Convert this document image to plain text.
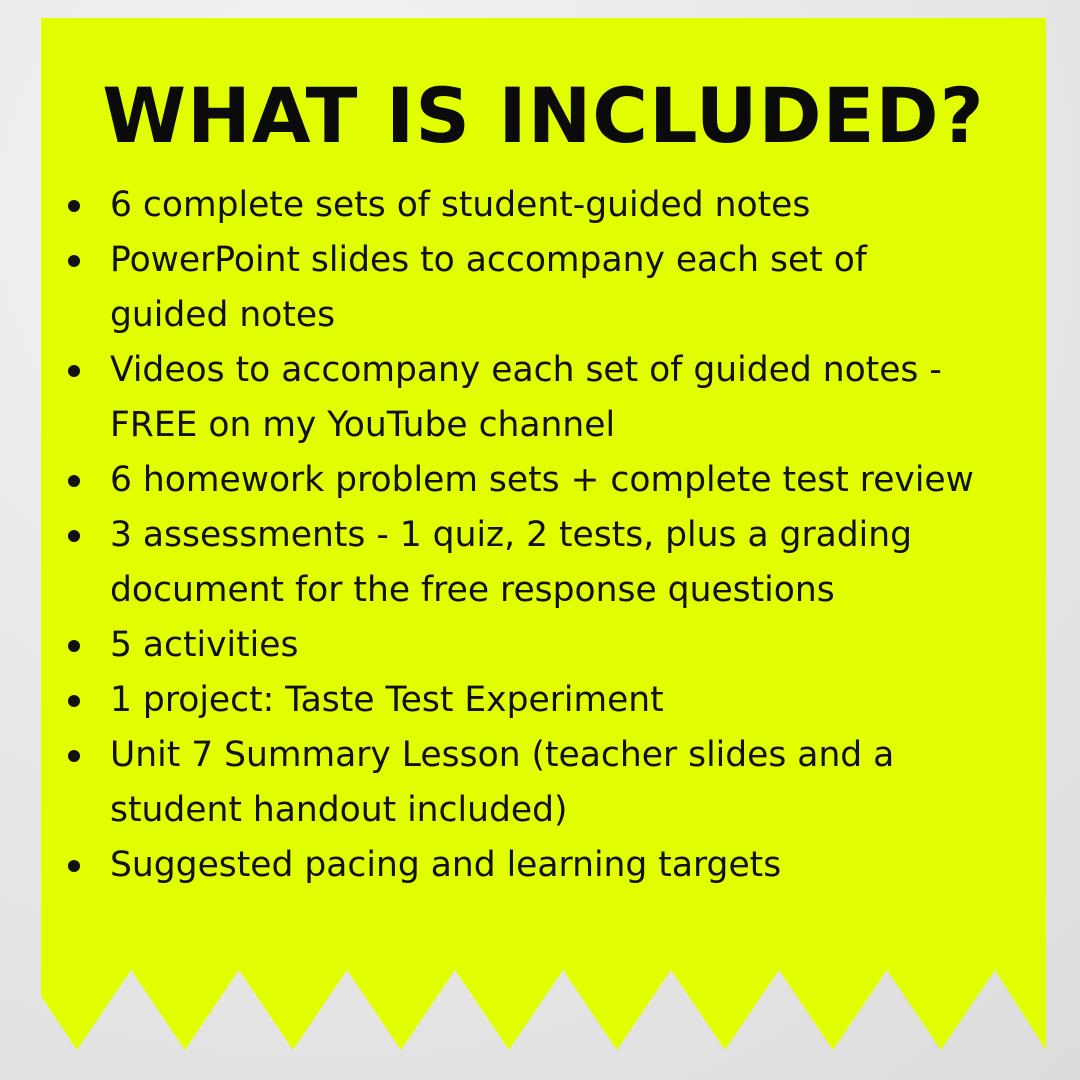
WHAT IS INCLUDED?
6 complete sets of student-guided notes
PowerPoint slides to accompany each set of
guided notes
Videos to accompany each set of guided notes -
FREE on my YouTube channel
6 homework problem sets + complete test review
3 assessments - 1 quiz, 2 tests, plus a grading
document for the free response questions
5 activities
1 project: Taste Test Experiment
Unit 7 Summary Lesson (teacher slides and a
student handout included)
Suggested pacing and learning targets
